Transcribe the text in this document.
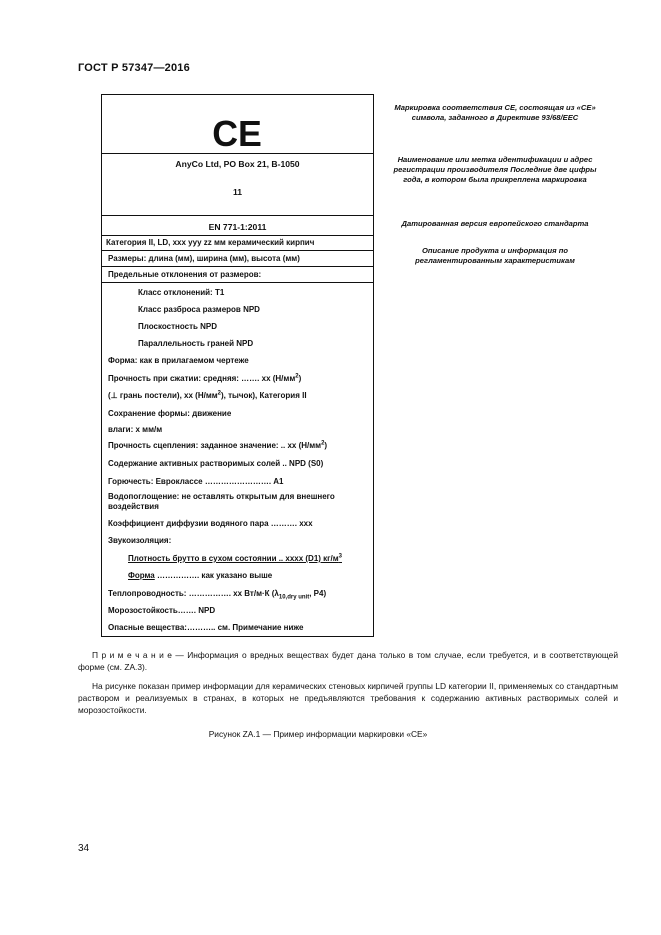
ГОСТ Р 57347—2016
CE
AnyCo Ltd, PO Box 21, B-1050
11
EN 771-1:2011
Категория II, LD, xxx yyy zz мм керамический кирпич
Размеры: длина (мм), ширина (мм), высота (мм)
Предельные отклонения от размеров:
Класс отклонений: Т1
Класс разброса размеров NPD
Плоскостность NPD
Параллельность граней NPD
Форма: как в прилагаемом чертеже
Прочность при сжатии: средняя: ……. xx $(Н/мм^2)$
(⊥ грань постели), xx $(Н/мм^2)$, тычок), Категория II
Сохранение формы: движение
влаги: x мм/м
Прочность сцепления: заданное значение: .. xx $(Н/мм^2)$
Содержание активных растворимых солей .. NPD (S0)
Горючесть: Евроклассе ……………………. А1
Водопоглощение: не оставлять открытым для внешнего воздействия
Коэффициент диффузии водяного пара ………. xxx
Звукоизоляция:
Плотность брутто в сухом состоянии .. xxxx (D1) $кг/м^3$
Форма ……………. как указано выше
Теплопроводность: ……………. xx Вт/м·К ($\lambda_{10,dry unit}$, P4)
Морозостойкость……. NPD
Опасные вещества:……….. см. Примечание ниже
Маркировка соответствия СЕ, состоящая из «СЕ» символа, заданного в Директиве 93/68/EEC
Наименование или метка идентификации и адрес регистрации производителя Последние две цифры года, в котором была прикреплена маркировка
Датированная версия европейского стандарта
Описание продукта и информация по регламентированным характеристикам
П р и м е ч а н и е — Информация о вредных веществах будет дана только в том случае, если требуется, и в соответствующей форме (см. ZA.3).
На рисунке показан пример информации для керамических стеновых кирпичей группы LD категории II, применяемых со стандартным раствором и реализуемых в странах, в которых не предъявляются требования к содержанию активных растворимых солей и морозостойкости.
Рисунок ZA.1 — Пример информации маркировки «СЕ»
34
